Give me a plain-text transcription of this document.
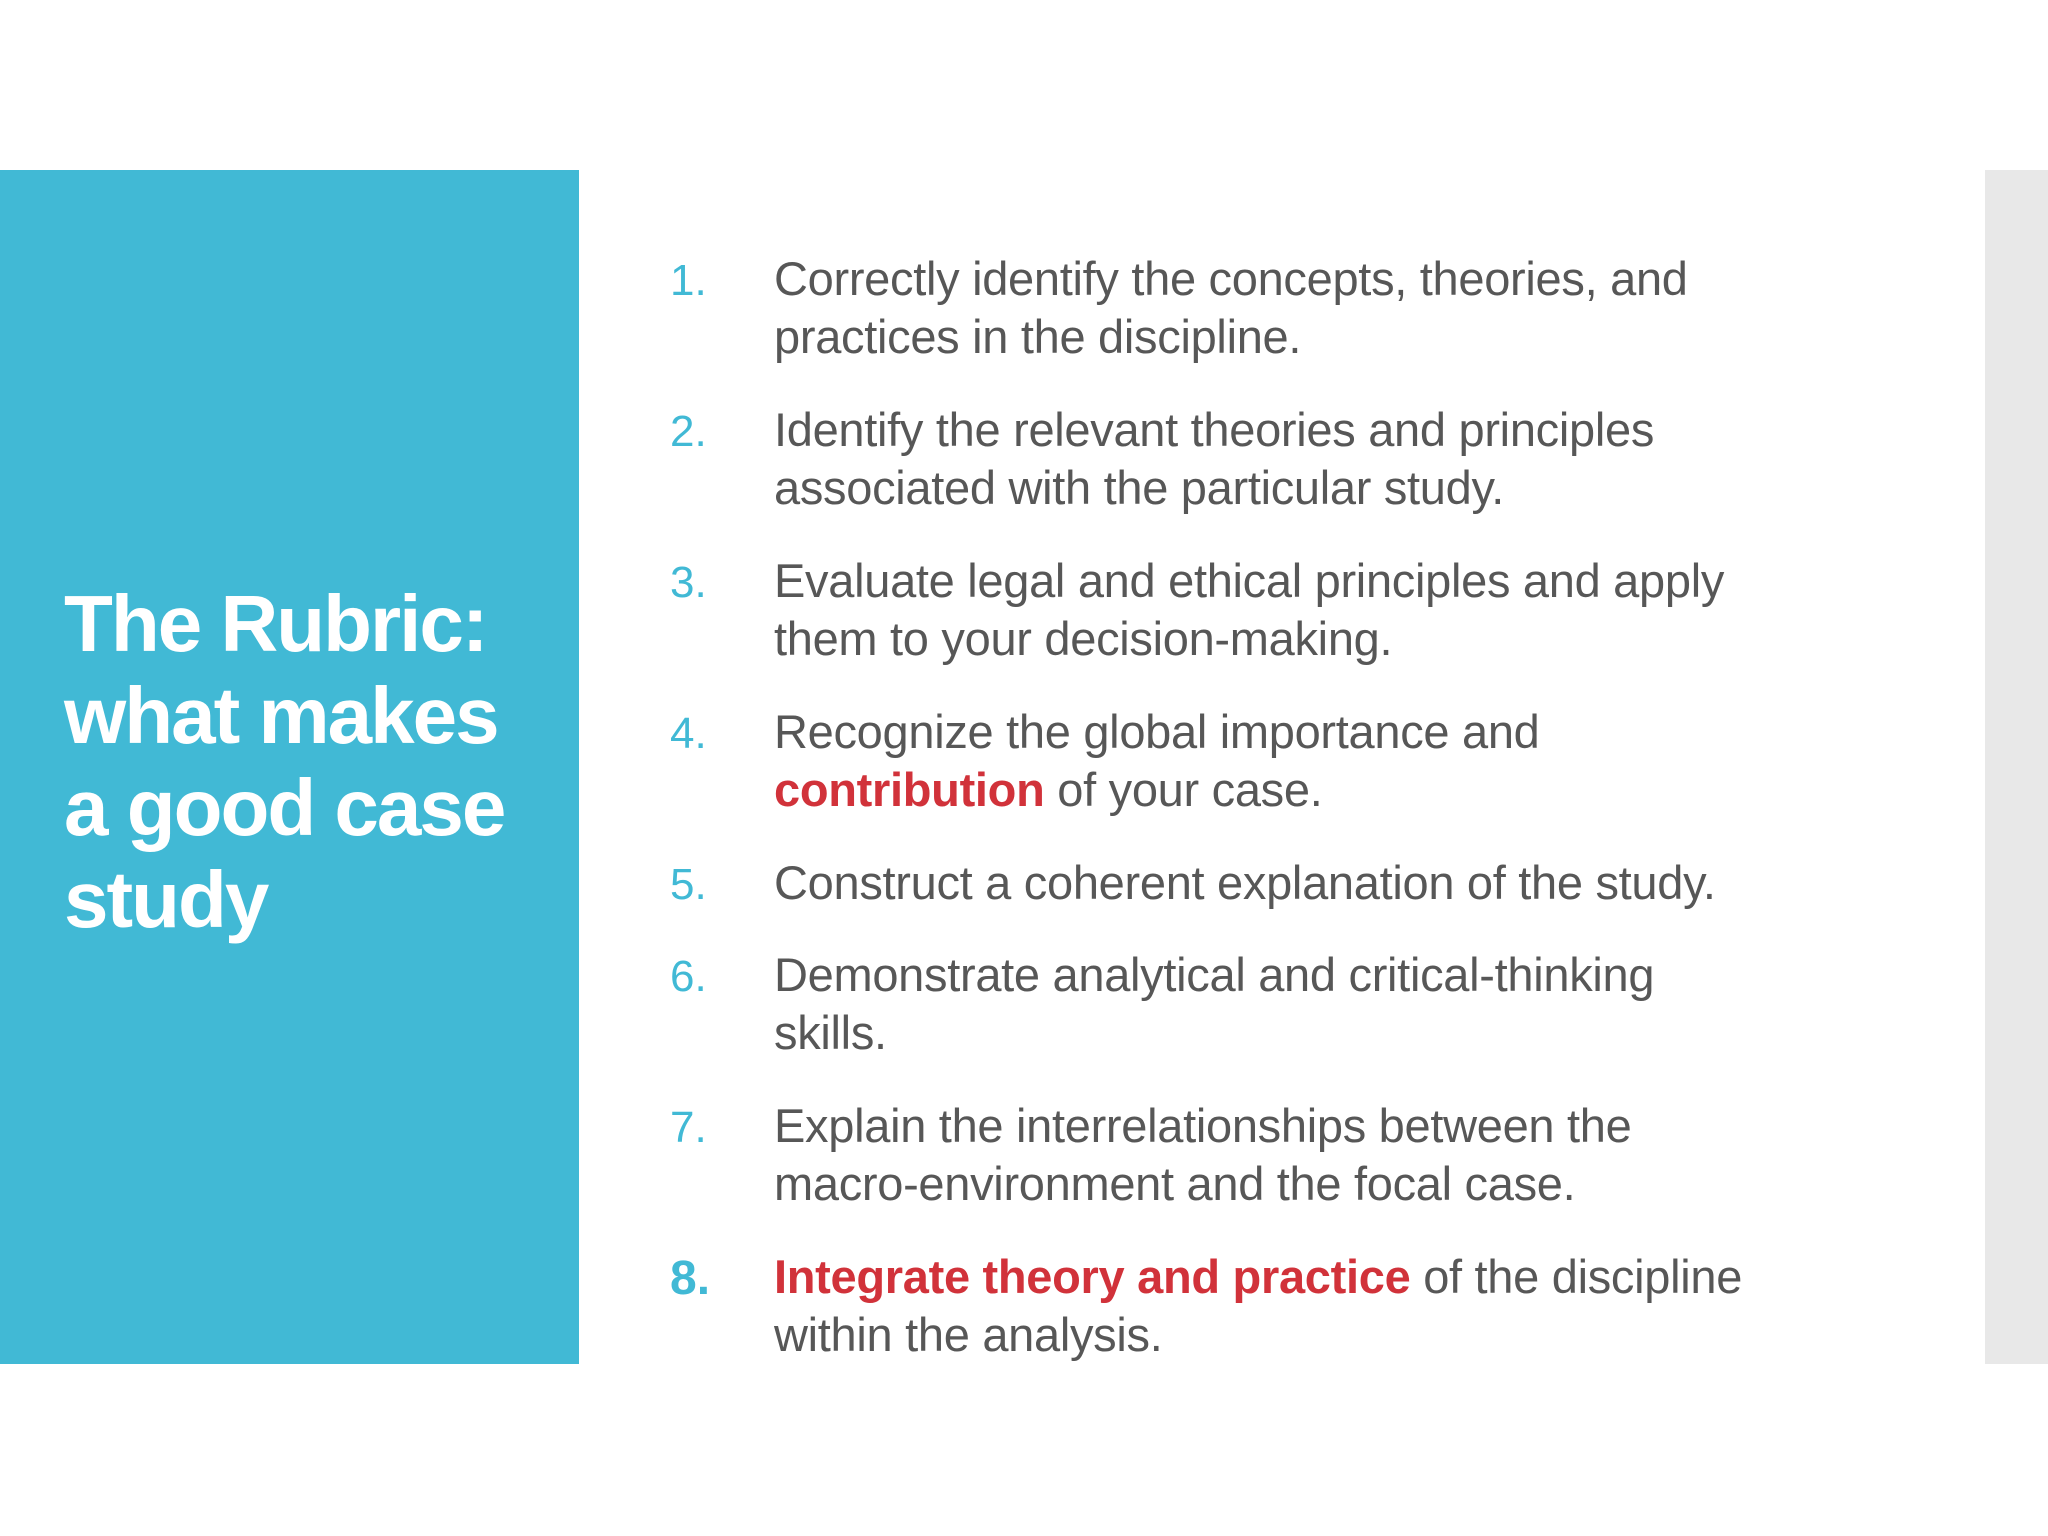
The Rubric:
what makes
a good case
study
1. Correctly identify the concepts, theories, and
practices in the discipline.
2. Identify the relevant theories and principles
associated with the particular study.
3. Evaluate legal and ethical principles and apply
them to your decision-making.
4. Recognize the global importance and
contribution of your case.
5. Construct a coherent explanation of the study.
6. Demonstrate analytical and critical-thinking
skills.
7. Explain the interrelationships between the
macro-environment and the focal case.
8. Integrate theory and practice of the discipline
within the analysis.
